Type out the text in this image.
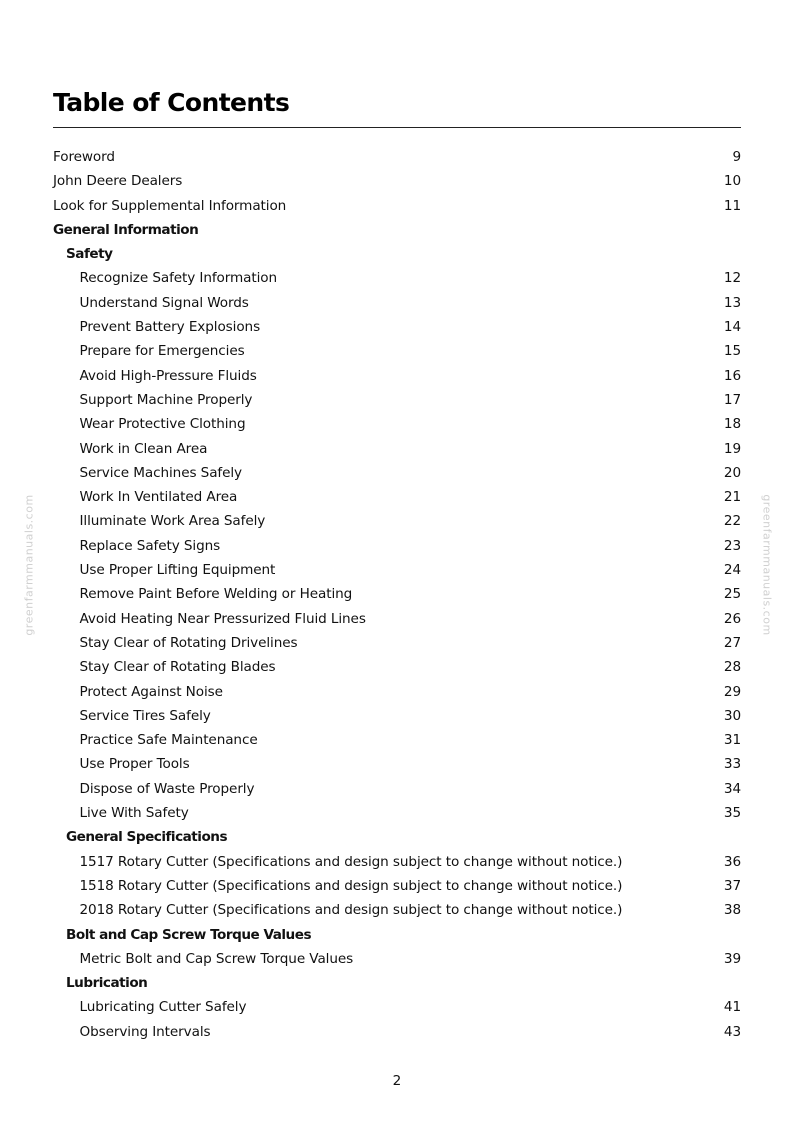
Table of Contents
Foreword	9
John Deere Dealers	10
Look for Supplemental Information	11
General Information
Safety
Recognize Safety Information	12
Understand Signal Words	13
Prevent Battery Explosions	14
Prepare for Emergencies	15
Avoid High-Pressure Fluids	16
Support Machine Properly	17
Wear Protective Clothing	18
Work in Clean Area	19
Service Machines Safely	20
Work In Ventilated Area	21
Illuminate Work Area Safely	22
Replace Safety Signs	23
Use Proper Lifting Equipment	24
Remove Paint Before Welding or Heating	25
Avoid Heating Near Pressurized Fluid Lines	26
Stay Clear of Rotating Drivelines	27
Stay Clear of Rotating Blades	28
Protect Against Noise	29
Service Tires Safely	30
Practice Safe Maintenance	31
Use Proper Tools	33
Dispose of Waste Properly	34
Live With Safety	35
General Specifications
1517 Rotary Cutter (Specifications and design subject to change without notice.)	36
1518 Rotary Cutter (Specifications and design subject to change without notice.)	37
2018 Rotary Cutter (Specifications and design subject to change without notice.)	38
Bolt and Cap Screw Torque Values
Metric Bolt and Cap Screw Torque Values	39
Lubrication
Lubricating Cutter Safely	41
Observing Intervals	43
greenfarmmanuals.com	greenfarmmanuals.com
2
